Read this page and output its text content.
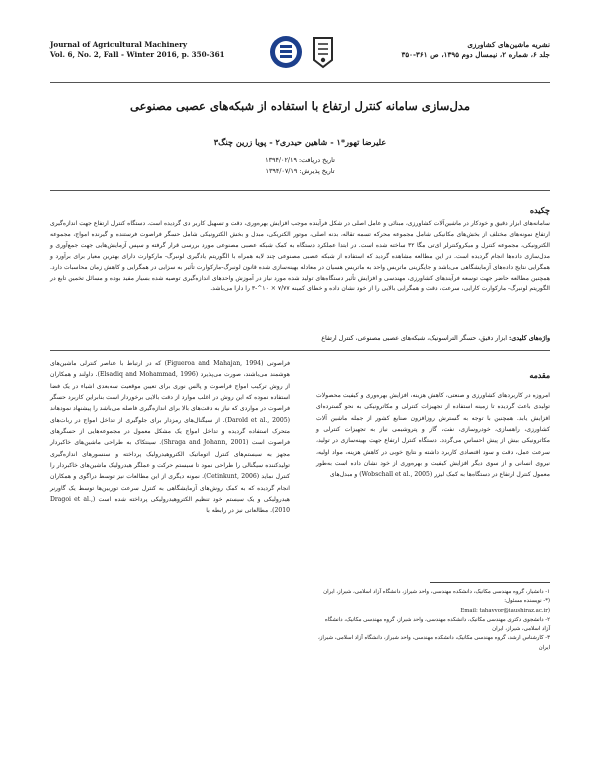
Journal of Agricultural Machinery
Vol. 6, No. 2, Fall - Winter 2016, p. 350-361
نشریه ماشین‌های کشاورزی
جلد ۶، شماره ۲، نیمسال دوم ۱۳۹۵، ص ۳۶۱-۳۵۰
مدل‌سازی سامانه کنترل ارتفاع با استفاده از شبکه‌های عصبی مصنوعی
علیرضا تهور‌*۱ - شاهین حیدری‌۲ - پویا زرین چنگ‌۳
تاریخ دریافت: ۱۳۹۴/۰۲/۱۹
تاریخ پذیرش: ۱۳۹۴/۰۷/۱۹
چکیده
سامانه‌های ابزار دقیق و خودکار در ماشین‌آلات کشاورزی، مبنائی و عامل اصلی در شکل فرآینده موجب افزایش بهره‌وری، دقت و تسهیل کاربر دی گردیده است. دستگاه کنترل ارتفاع جهت اندازه‌گیری ارتفاع نمونه‌های مختلف از بخش‌های مکانیکی شامل مجموعه محرکه تسمه تقاله، بدنه اصلی، موتور الکتریکی، مبدل و بخش الکترونیکی شامل حسگر فراصوت فرستنده و گیرنده امواج، مجموعه الکترونیکی، مجموعه کنترل و میکروکنترلر ای‌تی مگا ۳۲ ساخته شده است. در ابتدا عملکرد دستگاه به کمک شبکه عصبی مصنوعی مورد بررسی قرار گرفته و سپس آزمایش‌هایی جهت جمع‌آوری و مدل‌سازی داده‌ها انجام گردیده است. در این مطالعه مشاهده گردید که استفاده از شبکه عصبی مصنوعی چند لایه همراه با الگوریتم یادگیری لونبرگ- مارکوارت دارای بهترین معیار برای برآورد و همگرایی نتایج داده‌های آزمایشگاهی می‌باشد و جایگزینی ماتریس واحد به ماتریس هسیان در معادله بهینه‌سازی شده قانون لونبرگ-مارکوارت تأثیر به سزایی در همگرایی و کاهش زمان محاسبات دارد. همچنین مطالعه حاضر جهت توسعه فرآیند‌های کشاورزی، مهندسی و افزایش تأثیر دستگاه‌های تولید شده مورد نیاز در آموزش واحدهای اندازه‌گیری توصیه شده بسیار مفید بوده و مسائل تخمین تابع در الگوریتم لونبرگ- مارکوارت کارایی، سرعت، دقت و همگرایی بالایی را از خود نشان داده و خطای کمینه ۷/۷۷ × ۱۰^-۳ را دارا می‌باشد.
واژه‌های کلیدی: ابزار دقیق، حسگر التراسونیک، شبکه‌های عصبی مصنوعی، کنترل ارتفاع
مقدمه
امروزه در کاربردهای کشاورزی و صنعتی، کاهش هزینه، افزایش بهره‌وری و کیفیت محصولات تولیدی باعث گردیده تا زمینه استفاده از تجهیزات کنترلی و مکاترونیکی به نحو گسترده‌ای افزایش یابد. همچنین با توجه به گسترش روزافزون صنایع کشور از جمله ماشین آلات کشاورزی، راهسازی، خودروسازی، نفت، گاز و پتروشیمی نیاز به تجهیزات کنترلی و مکاترونیکی بیش از پیش احساس می‌گردد. دستگاه کنترل ارتفاع جهت بهینه‌سازی در تولید، سرعت عمل، دقت و سود اقتصادی کاربرد داشته و نتایج خوبی در کاهش هزینه، مواد اولیه، نیروی انسانی و از سوی دیگر افزایش کیفیت و بهره‌وری از خود نشان داده است به‌طور معمول کنترل ارتفاع در دستگاه‌ها به کمک لیزر (Wobschall et al., 2005) و مبدل‌های
فراصوتی (Figueroa and Mahajan, 1994) که در ارتباط با عناصر کنترلی ماشین‌های هوشمند می‌باشند، صورت می‌پذیرد (Elsadiq and Mohammad, 1996). داولند و همکاران از روش ترکیب امواج فراصوت و پالس نوری برای تعیین موقعیت سه‌بعدی اشیاء در یک فضا استفاده نموده که این روش در اغلب موارد از دقت بالایی برخوردار است بنابراین کاربرد حسگر فراصوت در مواردی که نیاز به دقت‌های بالا برای اندازه‌گیری فاصله می‌باشد را پیشنهاد نمودهاند (Darold et al., 2005). از سیگنال‌های رمزدار برای جلوگیری از تداخل امواج در ربات‌های متحرک استفاده گردیده و تداخل امواج یک مشکل معمول در مجموعه‌هایی از حسگرهای فراصوت است (Shraga and Johann, 2001). سینتکاک به طراحی ماشین‌های خاکبردار مجهز به سیستم‌های کنترل اتوماتیک الکتروهیدرولیک پرداخته و سنسورهای اندازه‌گیری تولیدکننده سیگنالی را طراحی نمود تا سیستم حرکت و عملگر هیدرولیک ماشین‌های خاکبردار را کنترل نماید (Cetinkunt, 2006). نمونه دیگری از این مطالعات نیز توسط دراگوی و همکاران انجام گردیده که به کمک روش‌های آزمایشگاهی به کنترل سرعت توربین‌ها توسط یک گاورنر هیدرولیکی و یک سیستم خود تنظیم الکتروهیدرولیکی پرداخته شده است (Dragoi et al., 2010). مطالعاتی نیز در رابطه با
۱- دانشیار، گروه مهندسی مکانیک، دانشکده مهندسی، واحد شیراز، دانشگاه آزاد اسلامی، شیراز، ایران
(*- نویسنده مسئول:
Email: tahavvor@iaushiraz.ac.ir)
۲- دانشجوی دکتری مهندسی مکانیک، دانشکده مهندسی، واحد شیراز، گروه مهندسی مکانیک، دانشگاه آزاد اسلامی، شیراز، ایران
۳- کارشناس ارشد، گروه مهندسی مکانیک، دانشکده مهندسی، واحد شیراز، دانشگاه آزاد اسلامی، شیراز، ایران
